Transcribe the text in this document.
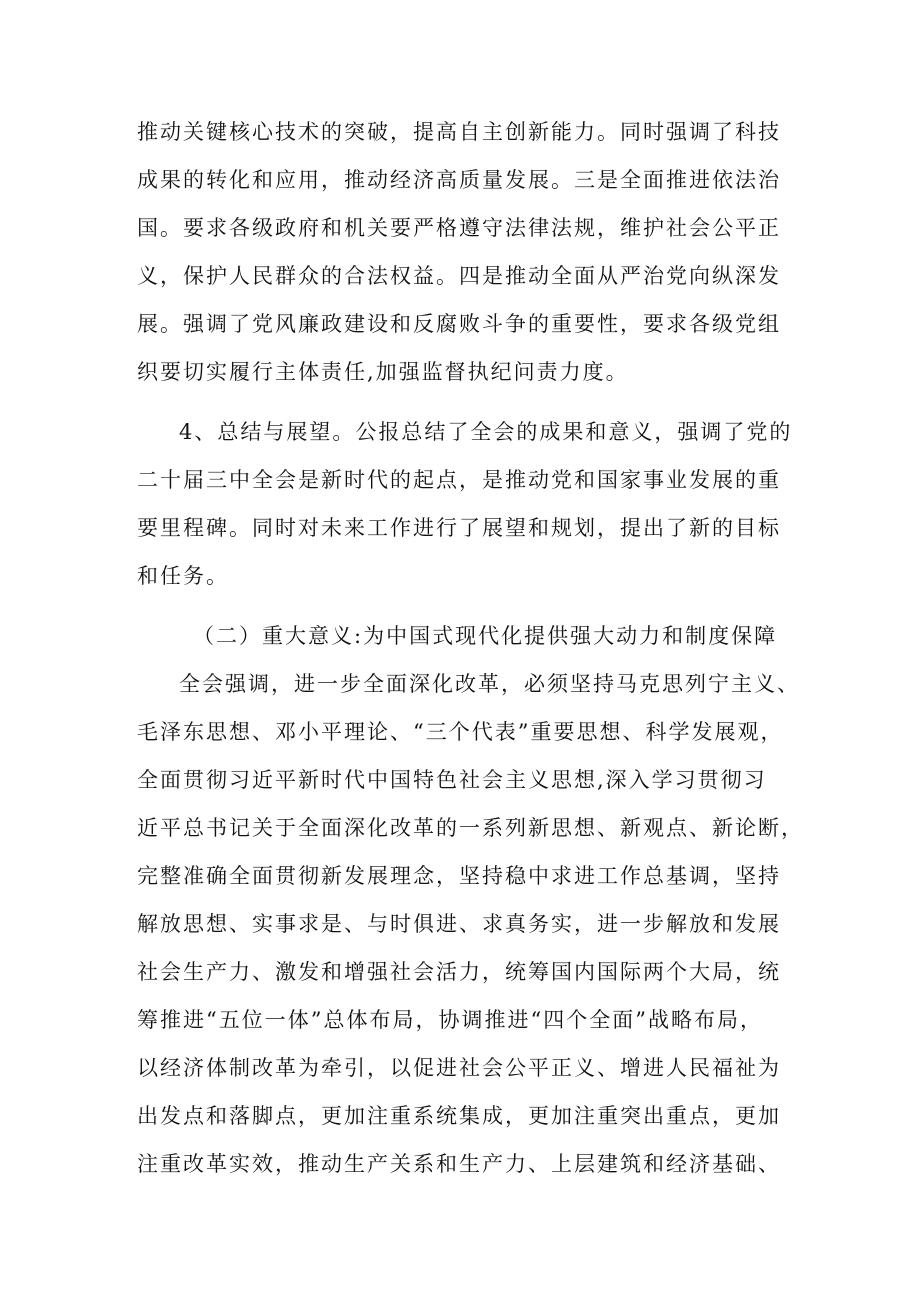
推动关键核心技术的突破，提高自主创新能力。同时强调了科技
成果的转化和应用，推动经济高质量发展。三是全面推进依法治
国。要求各级政府和机关要严格遵守法律法规，维护社会公平正
义，保护人民群众的合法权益。四是推动全面从严治党向纵深发
展。强调了党风廉政建设和反腐败斗争的重要性，要求各级党组
织要切实履行主体责任,加强监督执纪问责力度。
4、总结与展望。公报总结了全会的成果和意义，强调了党的
二十届三中全会是新时代的起点，是推动党和国家事业发展的重
要里程碑。同时对未来工作进行了展望和规划，提出了新的目标
和任务。
（二）重大意义:为中国式现代化提供强大动力和制度保障
全会强调，进一步全面深化改革，必须坚持马克思列宁主义、
毛泽东思想、邓小平理论、“三个代表”重要思想、科学发展观，
全面贯彻习近平新时代中国特色社会主义思想,深入学习贯彻习
近平总书记关于全面深化改革的一系列新思想、新观点、新论断，
完整准确全面贯彻新发展理念，坚持稳中求进工作总基调，坚持
解放思想、实事求是、与时俱进、求真务实，进一步解放和发展
社会生产力、激发和增强社会活力，统筹国内国际两个大局，统
筹推进“五位一体”总体布局，协调推进“四个全面”战略布局，
以经济体制改革为牵引，以促进社会公平正义、增进人民福祉为
出发点和落脚点，更加注重系统集成，更加注重突出重点，更加
注重改革实效，推动生产关系和生产力、上层建筑和经济基础、
